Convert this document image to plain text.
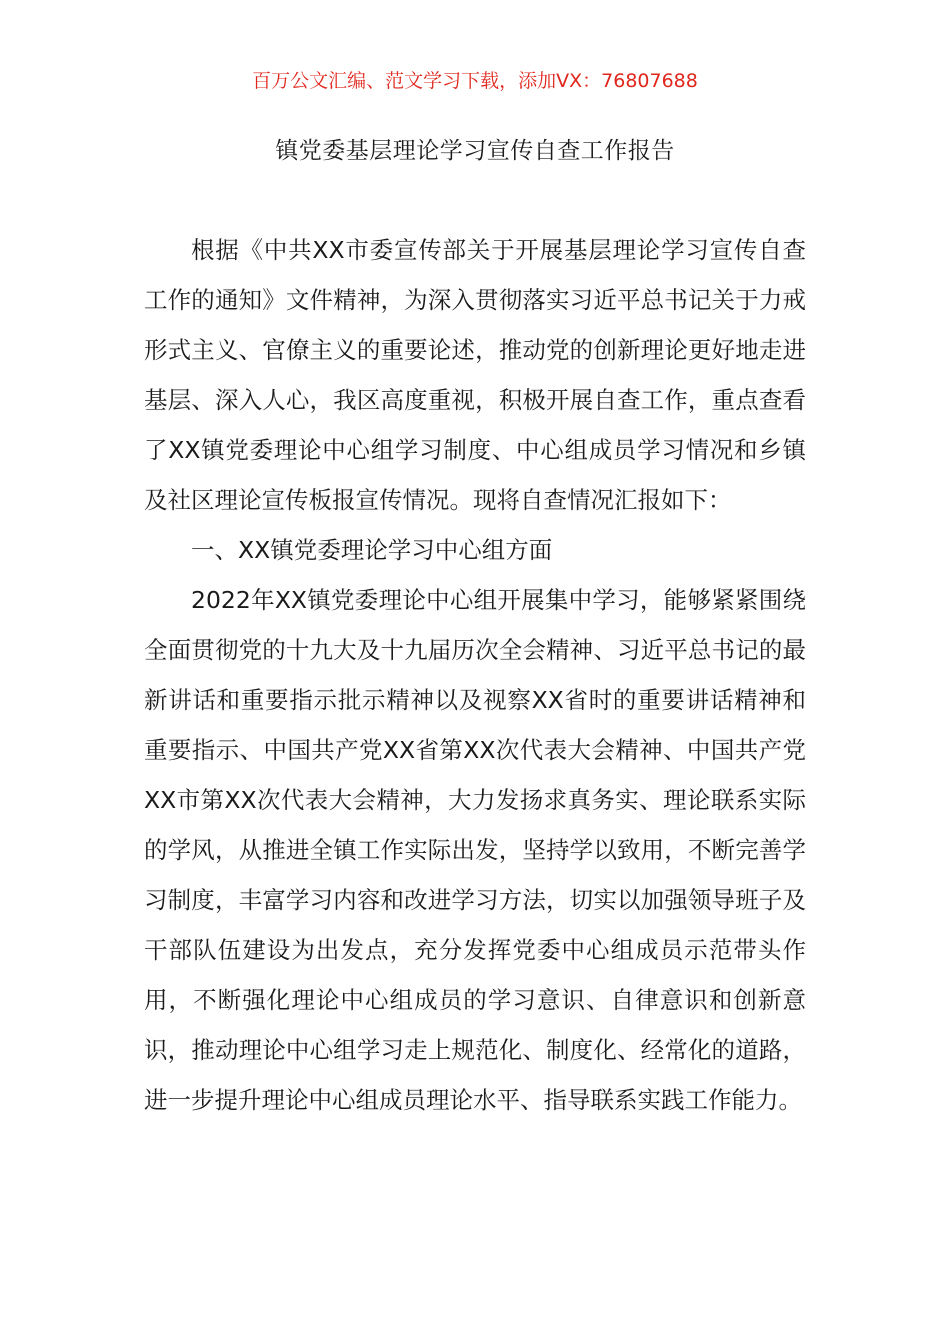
百万公文汇编、范文学习下载，添加VX：76807688
镇党委基层理论学习宣传自查工作报告

根据《中共XX市委宣传部关于开展基层理论学习宣传自查工作的通知》文件精神，为深入贯彻落实习近平总书记关于力戒形式主义、官僚主义的重要论述，推动党的创新理论更好地走进基层、深入人心，我区高度重视，积极开展自查工作，重点查看了XX镇党委理论中心组学习制度、中心组成员学习情况和乡镇及社区理论宣传板报宣传情况。现将自查情况汇报如下：

一、XX镇党委理论学习中心组方面

2022年XX镇党委理论中心组开展集中学习，能够紧紧围绕全面贯彻党的十九大及十九届历次全会精神、习近平总书记的最新讲话和重要指示批示精神以及视察XX省时的重要讲话精神和重要指示、中国共产党XX省第XX次代表大会精神、中国共产党XX市第XX次代表大会精神，大力发扬求真务实、理论联系实际的学风，从推进全镇工作实际出发，坚持学以致用，不断完善学习制度，丰富学习内容和改进学习方法，切实以加强领导班子及干部队伍建设为出发点，充分发挥党委中心组成员示范带头作用，不断强化理论中心组成员的学习意识、自律意识和创新意识，推动理论中心组学习走上规范化、制度化、经常化的道路，进一步提升理论中心组成员理论水平、指导联系实践工作能力。
